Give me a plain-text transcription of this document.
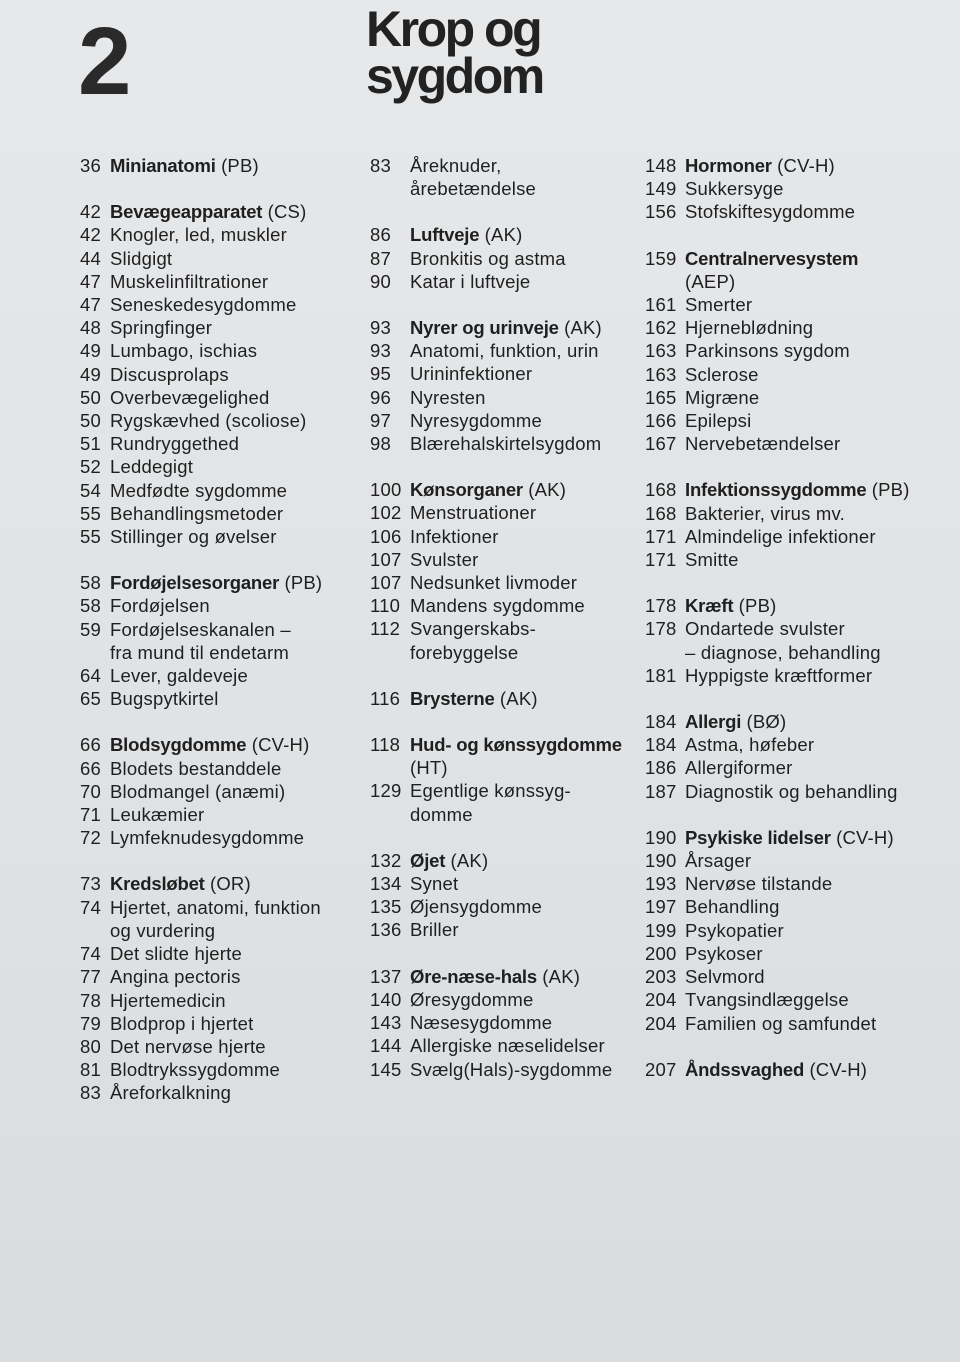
2	Krop og
sygdom
36 Minianatomi (PB)
42 Bevægeapparatet (CS)
42 Knogler, led, muskler
44 Slidgigt
47 Muskelinfiltrationer
47 Seneskedesygdomme
48 Springfinger
49 Lumbago, ischias
49 Discusprolaps
50 Overbevægelighed
50 Rygskævhed (scoliose)
51 Rundryggethed
52 Leddegigt
54 Medfødte sygdomme
55 Behandlingsmetoder
55 Stillinger og øvelser
58 Fordøjelsesorganer (PB)
58 Fordøjelsen
59 Fordøjelseskanalen –
fra mund til endetarm
64 Lever, galdeveje
65 Bugspytkirtel
66 Blodsygdomme (CV-H)
66 Blodets bestanddele
70 Blodmangel (anæmi)
71 Leukæmier
72 Lymfeknudesygdomme
73 Kredsløbet (OR)
74 Hjertet, anatomi, funktion
og vurdering
74 Det slidte hjerte
77 Angina pectoris
78 Hjertemedicin
79 Blodprop i hjertet
80 Det nervøse hjerte
81 Blodtrykssygdomme
83 Åreforkalkning
83	Åreknuder,
årebetændelse
86	Luftveje (AK)
87	Bronkitis og astma
90	Katar i luftveje
93	Nyrer og urinveje (AK)
93	Anatomi, funktion, urin
95	Urininfektioner
96	Nyresten
97	Nyresygdomme
98	Blærehalskirtelsygdom
100 Kønsorganer (AK)
102 Menstruationer
106 Infektioner
107 Svulster
107 Nedsunket livmoder
110 Mandens sygdomme
112 Svangerskabs-
forebyggelse
116 Brysterne (AK)
118 Hud- og kønssygdomme
(HT)
129 Egentlige kønssyg-
domme
132 Øjet (AK)
134 Synet
135 Øjensygdomme
136 Briller
137 Øre-næse-hals (AK)
140 Øresygdomme
143 Næsesygdomme
144 Allergiske næselidelser
145 Svælg(Hals)-sygdomme
148 Hormoner (CV-H)
149 Sukkersyge
156 Stofskiftesygdomme
159 Centralnervesystem
(AEP)
161 Smerter
162 Hjerneblødning
163 Parkinsons sygdom
163 Sclerose
165 Migræne
166 Epilepsi
167 Nervebetændelser
168 Infektionssygdomme (PB)
168 Bakterier, virus mv.
171 Almindelige infektioner
171 Smitte
178 Kræft (PB)
178 Ondartede svulster
– diagnose, behandling
181 Hyppigste kræftformer
184 Allergi (BØ)
184 Astma, høfeber
186 Allergiformer
187 Diagnostik og behandling
190 Psykiske lidelser (CV-H)
190 Årsager
193 Nervøse tilstande
197 Behandling
199 Psykopatier
200 Psykoser
203 Selvmord
204 Tvangsindlæggelse
204 Familien og samfundet
207 Åndssvaghed (CV-H)
